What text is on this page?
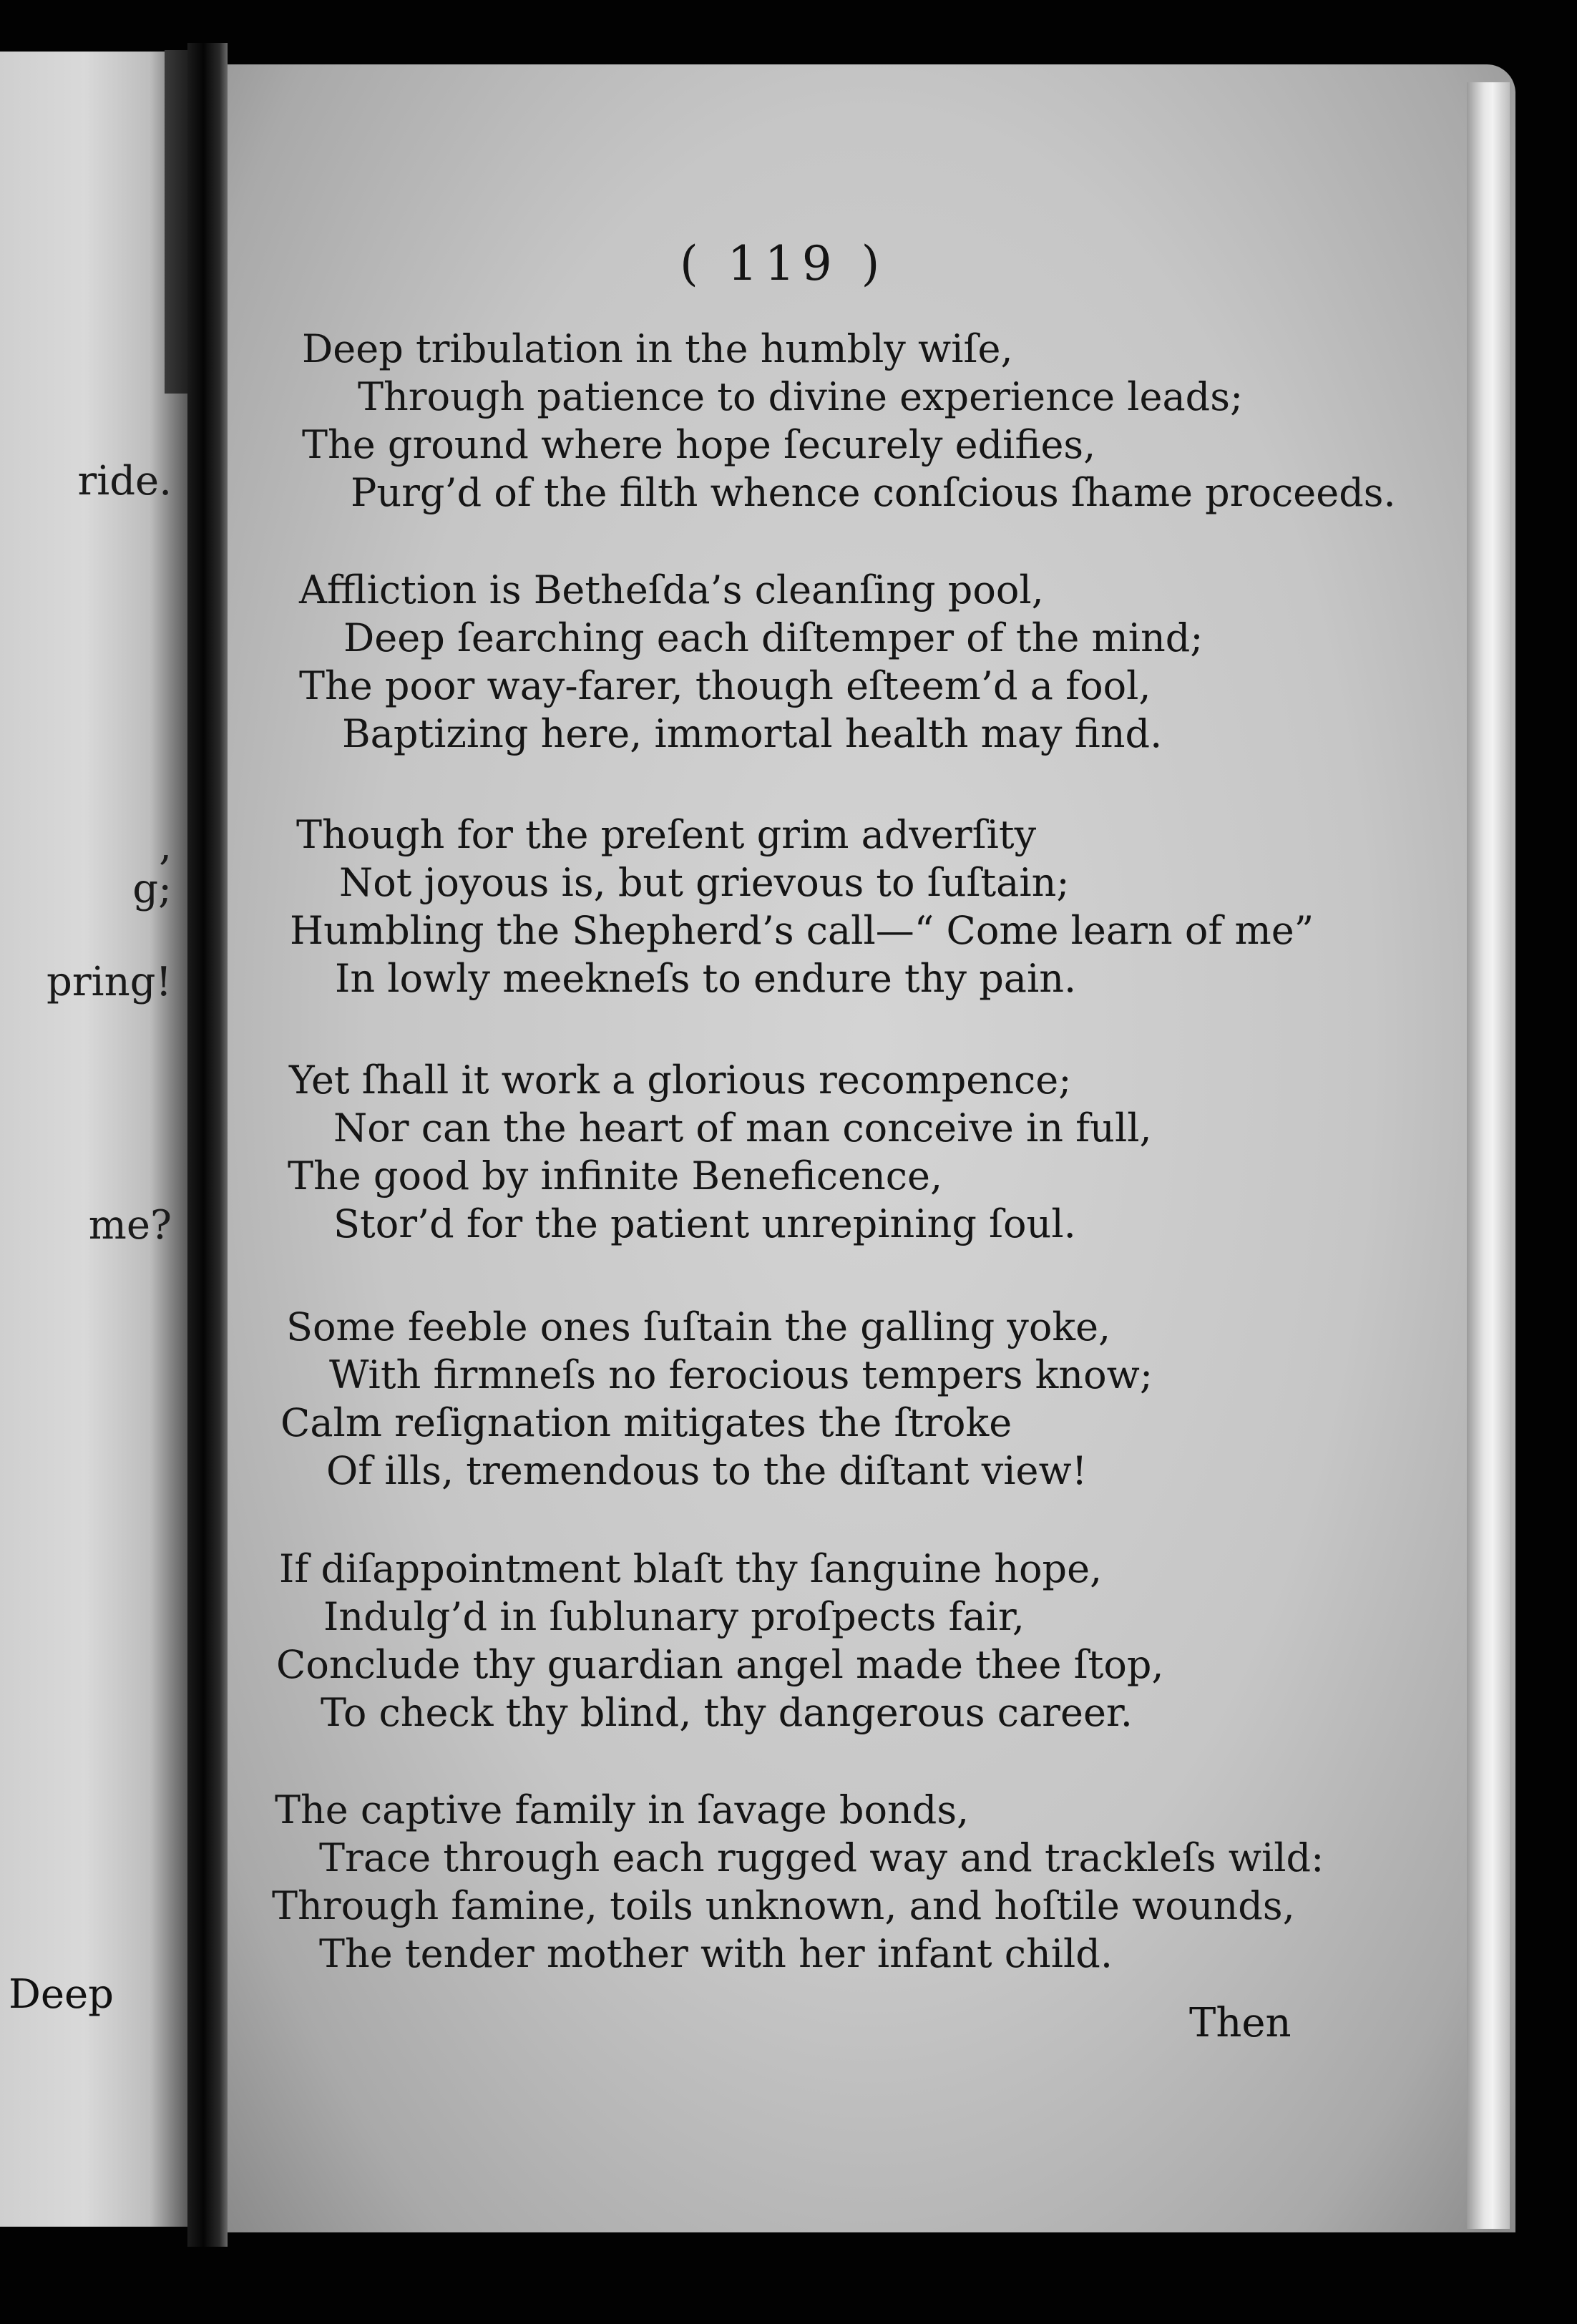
ride.
,
g;
pring!
me?
Deep
( 119 )
Deep tribulation in the humbly wiſe,
Through patience to divine experience leads;
The ground where hope ſecurely edifies,
Purg’d of the filth whence conſcious ſhame proceeds.
Affliction is Betheſda’s cleanſing pool,
Deep ſearching each diſtemper of the mind;
The poor way-farer, though eſteem’d a fool,
Baptizing here, immortal health may find.
Though for the preſent grim adverſity
Not joyous is, but grievous to ſuſtain;
Humbling the Shepherd’s call—“ Come learn of me”
In lowly meekneſs to endure thy pain.
Yet ſhall it work a glorious recompence;
Nor can the heart of man conceive in full,
The good by infinite Beneficence,
Stor’d for the patient unrepining ſoul.
Some feeble ones ſuſtain the galling yoke,
With firmneſs no ferocious tempers know;
Calm reſignation mitigates the ſtroke
Of ills, tremendous to the diſtant view!
If diſappointment blaſt thy ſanguine hope,
Indulg’d in ſublunary proſpects fair,
Conclude thy guardian angel made thee ſtop,
To check thy blind, thy dangerous career.
The captive family in ſavage bonds,
Trace through each rugged way and trackleſs wild:
Through famine, toils unknown, and hoſtile wounds,
The tender mother with her infant child.
Then
